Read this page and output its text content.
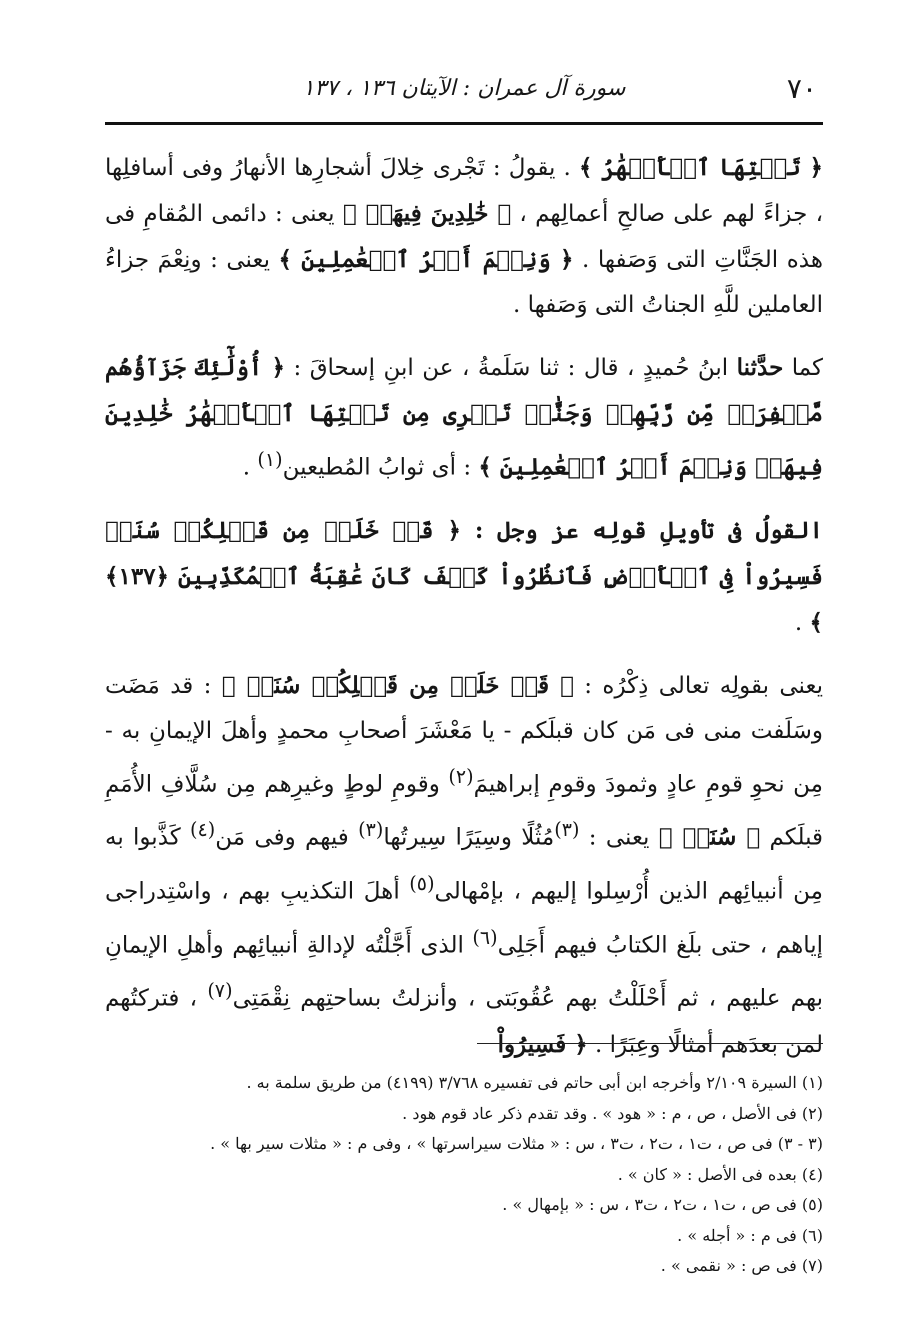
٧٠
سورة آل عمران : الآيتان ١٣٦ ، ١٣٧

﴿ تَحۡتِهَا ٱلۡأَنۡهَٰرُ ﴾ . يقولُ : تَجْرى خِلالَ أشجارِها الأنهارُ وفى أسافلِها ، جزاءً لهم على صالحِ أعمالِهم ، ﴿ خَٰلِدِينَ فِيهَاۚ ﴾ يعنى : دائمى المُقامِ فى هذه الجَنَّاتِ التى وَصَفها . ﴿ وَنِعۡمَ أَجۡرُ ٱلۡعَٰمِلِينَ ﴾ يعنى : ونِعْمَ جزاءُ العاملين للَّهِ الجناتُ التى وَصَفها .

كما حدَّثنا ابنُ حُميدٍ ، قال : ثنا سَلَمةُ ، عن ابنِ إسحاقَ : ﴿ أُوْلَٰٓئِكَ جَزَآؤُهُم مَّغۡفِرَةٞ مِّن رَّبِّهِمۡ وَجَنَّٰتٞ تَجۡرِى مِن تَحۡتِهَا ٱلۡأَنۡهَٰرُ خَٰلِدِينَ فِيهَاۚ وَنِعۡمَ أَجۡرُ ٱلۡعَٰمِلِينَ ﴾ : أى ثوابُ المُطيعين$^{(١)}$ .

القولُ فى تأويلِ قولِه عز وجل : ﴿ قَدۡ خَلَتۡ مِن قَبۡلِكُمۡ سُنَنٞ فَسِيرُواْ فِى ٱلۡأَرۡضِ فَٱنظُرُواْ كَيۡفَ كَانَ عَٰقِبَةُ ٱلۡمُكَذِّبِينَ ﴿١٣٧﴾ ﴾ .

يعنى بقولِه تعالى ذِكْرُه : ﴿ قَدۡ خَلَتۡ مِن قَبۡلِكُمۡ سُنَنٞ ﴾ : قد مَضَت وسَلَفت منى فى مَن كان قبلَكم - يا مَعْشَرَ أصحابِ محمدٍ وأهلَ الإيمانِ به - مِن نحوِ قومِ عادٍ وثمودَ وقومِ إبراهيمَ$^{(٢)}$ وقومِ لوطٍ وغيرِهم مِن سُلَّافِ الأُمَمِ قبلَكم ﴿ سُنَنٞ ﴾ يعنى : $^{(٣)}$مُثُلًا وسِيَرًا سِيرتُها$^{(٣)}$ فيهم وفى مَن$^{(٤)}$ كَذَّبوا به مِن أنبيائِهم الذين أُرْسِلوا إليهم ، بإمْهالى$^{(٥)}$ أهلَ التكذيبِ بهم ، واسْتِدراجى إياهم ، حتى بلَغ الكتابُ فيهم أَجَلِى$^{(٦)}$ الذى أَجَّلْتُه لإدالةِ أنبيائِهم وأهلِ الإيمانِ بهم عليهم ، ثم أَحْلَلْتُ بهم عُقُوبَتى ، وأنزلتُ بساحتِهم نِقْمَتِى$^{(٧)}$ ، فتركتُهم لمن بعدَهم أمثالًا وعِبَرًا . ﴿ فَسِيرُواْ

(١) السيرة ٢/١٠٩ وأخرجه ابن أبى حاتم فى تفسيره ٣/٧٦٨ (٤١٩٩) من طريق سلمة به .

(٢) فى الأصل ، ص ، م : « هود » . وقد تقدم ذكر عاد قوم هود .

(٣ - ٣) فى ص ، ت١ ، ت٢ ، ت٣ ، س : « مثلات سيراسرتها » ، وفى م : « مثلات سير بها » .

(٤) بعده فى الأصل : « كان » .

(٥) فى ص ، ت١ ، ت٢ ، ت٣ ، س : « بإمهال » .

(٦) فى م : « أجله » .

(٧) فى ص : « نقمى » .
